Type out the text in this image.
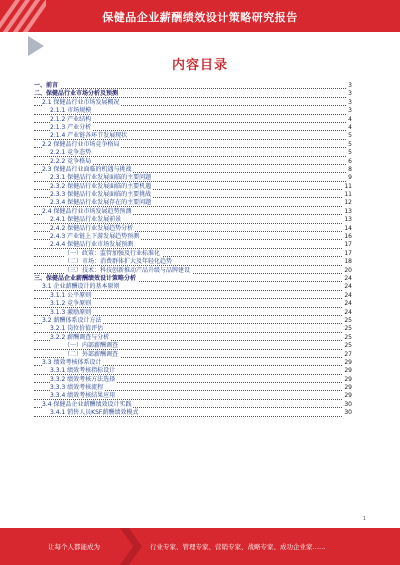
保健品企业薪酬绩效设计策略研究报告
内容目录
一、前言	3
二、保健品行业市场分析及预测	3
2.1 保健品行业市场发展概况	3
2.1.1 市场规模	3
2.1.2 产业结构	4
2.1.3 产业分析	4
2.1.4 产业链各环节发展现状	5
2.2 保健品行业市场竞争格局	5
2.2.1 竞争态势	5
2.2.2 竞争格局	6
2.3 保健品行业面临的机遇与挑战	8
2.3.1 保健品行业发展面临的主要问题	9
2.3.2 保健品行业发展面临的主要机遇	11
2.3.3 保健品行业发展面临的主要挑战	11
2.3.4 保健品行业发展存在的主要问题	12
2.4 保健品行业市场发展趋势预测	13
2.4.1 保健品行业发展前景	13
2.4.2 保健品行业发展趋势分析	14
2.4.3 产业链上下游发展趋势预测	16
2.4.4 保健品行业市场发展预测	17
（一）政策：监管加强及行业标准化	17
（二）市场：消费群体扩大及年轻化趋势	18
（三）技术：科技创新推动产品升级与品牌建设	20
三、保健品企业薪酬绩效设计策略分析	24
3.1 企业薪酬设计的基本原则	24
3.1.1 公平原则	24
3.1.2 竞争原则	24
3.1.3 激励原则	24
3.2 薪酬体系设计方法	25
3.2.1 岗位价值评估	25
3.2.2 薪酬调查与分析	25
（一）内部薪酬调查	25
（二）外部薪酬调查	27
3.3 绩效考核体系设计	29
3.3.1 绩效考核指标设计	29
3.3.2 绩效考核方法选择	29
3.3.3 绩效考核流程	29
3.3.4 绩效考核结果应用	29
3.4 保健品企业薪酬绩效设计实践	30
3.4.1 销售人员KSF薪酬绩效模式	30
让每个人都能成为	行业专家、管理专家、营销专家、战略专家、成功企业家……
1
